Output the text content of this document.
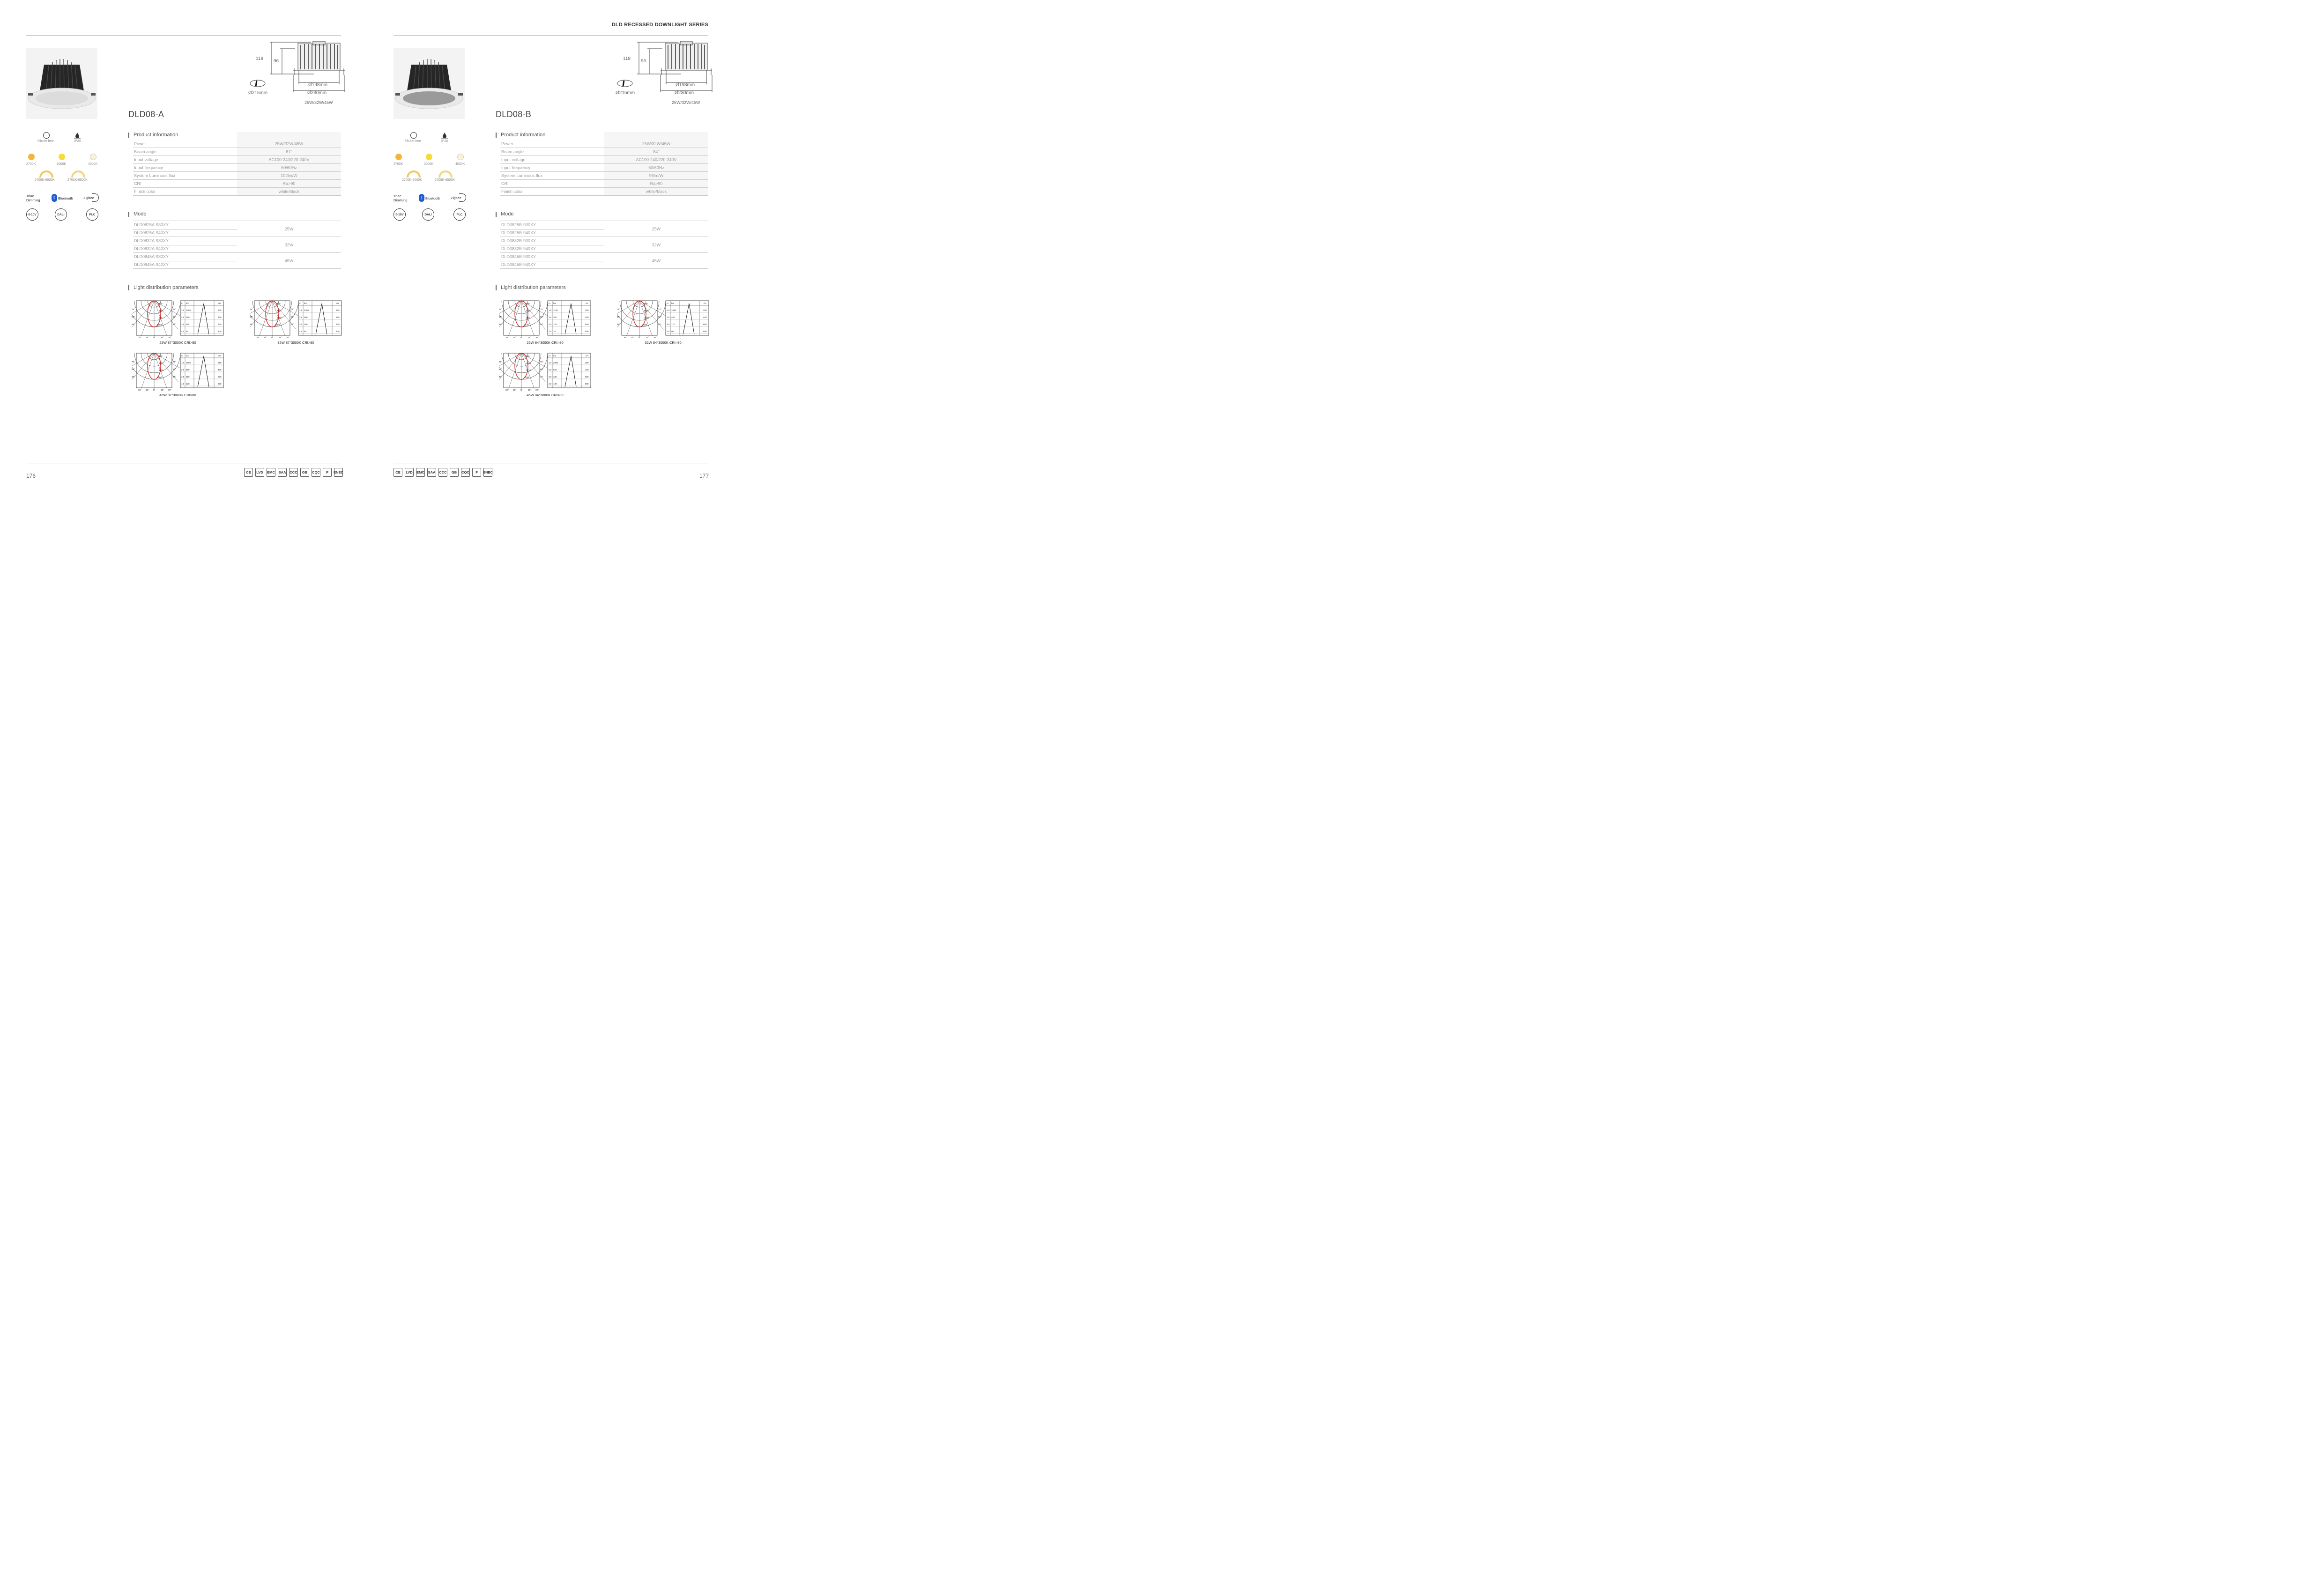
DLD RECESSED DOWNLIGHT SERIES
176	177
CE	LVD	EMC SAA CCC	GB	CQC	F	ENEC	CE	LVD	EMC SAA CCC	GB	CQC	F	ENEC
Flicker free	IP20
2700K	3000K	4000K
2700K-6000K	2700K-6500K
Triac
Dimming
ᛒ Bluetooth	Zigbee
0-10V	DALI	PLC
118 96
Ø198mm
Ø230mm
Ø215mm
25W/32W/45W
DLD08-A
Product information
Power	25W/32W/45W
Beam angle	87°
Input voltage	AC100-240/220-240V
Input frequency	50/60Hz
System Luminous flux	102lm/W
CRI	Ra>90
Finish color	white/black
Mode
DLD0825A-930XY
DLD0825A-940XY
25W
DLD0832A-930XY
DLD0832A-940XY
32W
DLD0845A-930XY
DLD0845A-940XY
45W
Light distribution parameters
240
120
180
1050
75°	75°
60°	60°
45°	45°
30° 15° 0°	15° 30°
m lux	cm
1.0 1050	200
2.0 260	400
3.0 110	600
4.0 60	800
25W 87°3000K CRI>80
360
720
1080
1450
75°	75°
60°	60°
45°	45°
30° 15° 0°	15° 30°
m lux	cm
1.0 1450	200
2.0 360	400
3.0 160	600
4.0 90	900
32W 87°3000K CRI>80
480
970
1450
1880
75°	75°
60°	60°
45°	45°
30° 15° 0°	15° 30°
m lux	cm
1.0 1880	260
2.0 480	400
3.0 210	600
4.0 120	800
45W 87°3000K CRI>80
Flicker free	IP20
2700K	3000K	4000K
2700K-6000K	2700K-6500K
Triac
Dimming
ᛒ Bluetooth	Zigbee
0-10V	DALI	PLC
118 96
Ø198mm
Ø230mm
Ø215mm
25W/32W/45W
DLD08-B
Product information
Power	25W/32W/45W
Beam angle	84°
Input voltage	AC100-240/220-240V
Input frequency	50/60Hz
System Luminous flux	96lm/W
CRI	Ra>90
Finish color	white/black
Mode
DLD0825B-930XY
DLD0825B-940XY
25W
DLD0832B-930XY
DLD0832B-940XY
32W
DLD0845B-930XY
DLD0845B-940XY
45W
Light distribution parameters
280
570
850
1140
75°	75°
60°	60°
45°	45°
30° 15° 0°	15° 30°
m lux	cm
1.0 1140	200
2.0 280	400
3.0 120	600
4.0 70	800
25W 84°3000K CRI>80
400
800
1200
1590
75°	75°
60°	60°
45°	45°
30° 15° 0°	15° 30°
m lux	cm
1.0 1590	200
2.0 400	400
3.0 170	600
4.0 90	800
32W 84°3000K CRI>80
520
1050
1570
2100
75°	75°
60°	60°
45°	45°
30° 15° 0°	15° 30°
m lux	cm
1.0 2090	200
2.0 520	400
3.0 230	600
4.0 130	800
45W 84°3000K CRI>80
